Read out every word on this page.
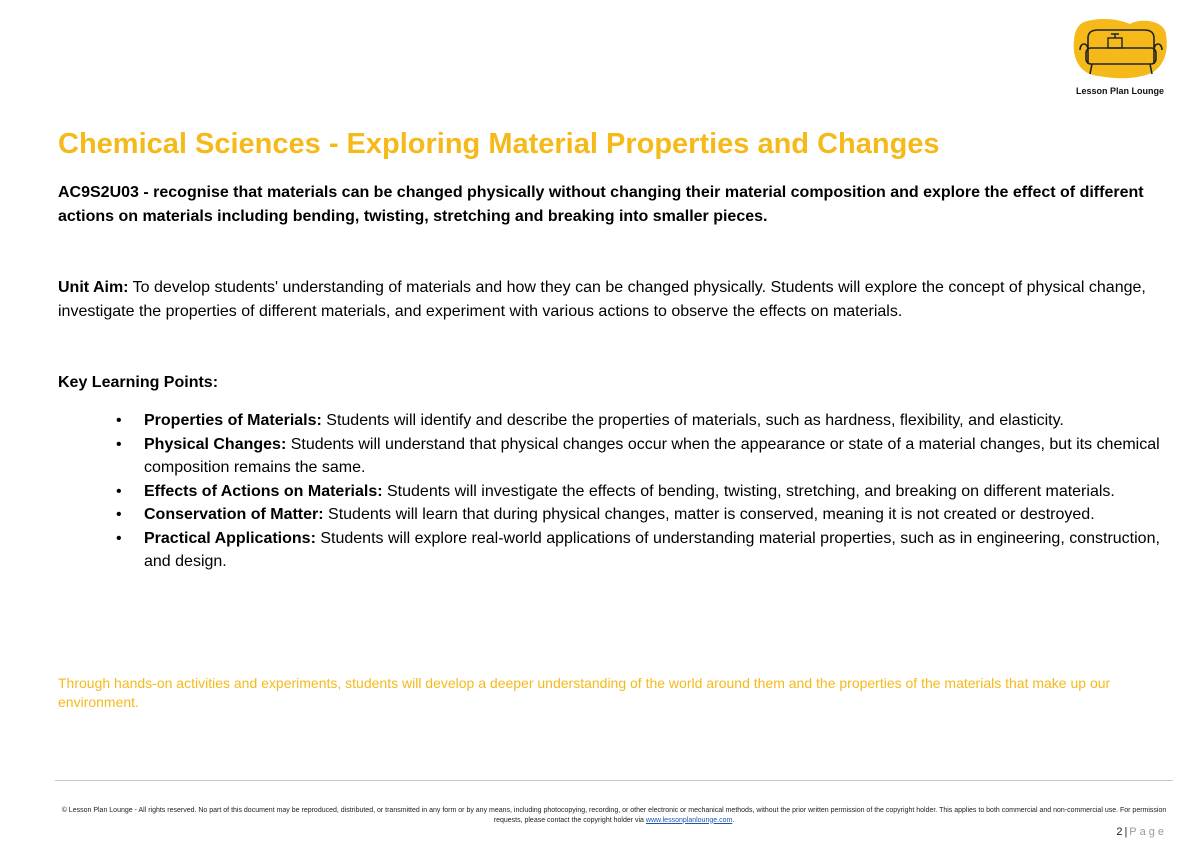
Lesson Plan Lounge
Chemical Sciences - Exploring Material Properties and Changes

AC9S2U03 - recognise that materials can be changed physically without changing their material composition and explore the effect of different actions on materials including bending, twisting, stretching and breaking into smaller pieces.

Unit Aim: To develop students' understanding of materials and how they can be changed physically. Students will explore the concept of physical change, investigate the properties of different materials, and experiment with various actions to observe the effects on materials.

Key Learning Points:

• Properties of Materials: Students will identify and describe the properties of materials, such as hardness, flexibility, and elasticity.
• Physical Changes: Students will understand that physical changes occur when the appearance or state of a material changes, but its chemical composition remains the same.
• Effects of Actions on Materials: Students will investigate the effects of bending, twisting, stretching, and breaking on different materials.
• Conservation of Matter: Students will learn that during physical changes, matter is conserved, meaning it is not created or destroyed.
• Practical Applications: Students will explore real-world applications of understanding material properties, such as in engineering, construction, and design.

Through hands-on activities and experiments, students will develop a deeper understanding of the world around them and the properties of the materials that make up our environment.

© Lesson Plan Lounge - All rights reserved. No part of this document may be reproduced, distributed, or transmitted in any form or by any means, including photocopying, recording, or other electronic or mechanical methods, without the prior written permission of the copyright holder. This applies to both commercial and non-commercial use. For permission requests, please contact the copyright holder via www.lessonplanlounge.com.

2 | Page
